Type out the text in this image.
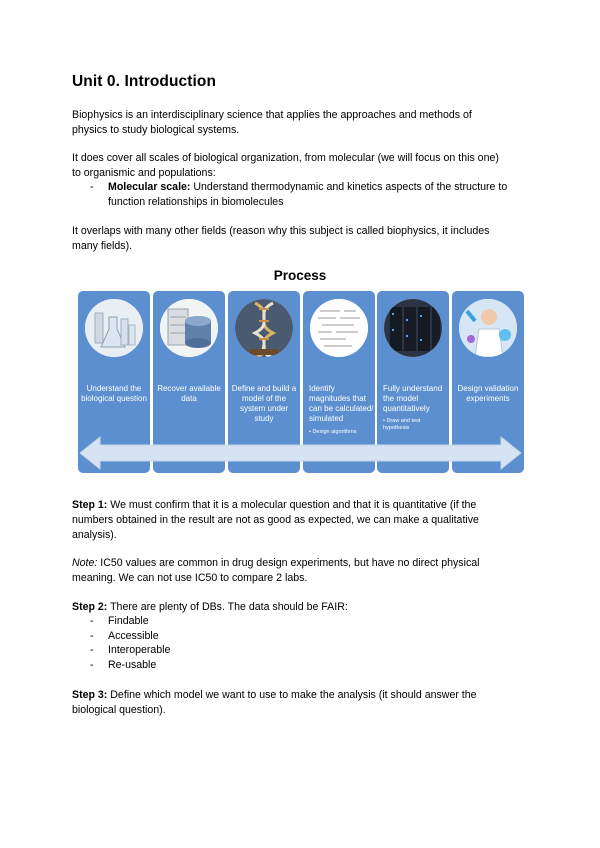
Unit 0. Introduction
Biophysics is an interdisciplinary science that applies the approaches and methods of
physics to study biological systems.
It does cover all scales of biological organization, from molecular (we will focus on this one)
to organismic and populations:
- Molecular scale: Understand thermodynamic and kinetics aspects of the structure to
function relationships in biomolecules
It overlaps with many other fields (reason why this subject is called biophysics, it includes
many fields).
Process
Understand the biological question
Recover available data
Define and build a model of the system under study
Identify magnitudes that can be calculated/ simulated
• Design algorithms
Fully understand the model quantitatively
• Draw and test hypothesis
Design validation experiments
Step 1: We must confirm that it is a molecular question and that it is quantitative (if the
numbers obtained in the result are not as good as expected, we can make a qualitative
analysis).
Note: IC50 values are common in drug design experiments, but have no direct physical
meaning. We can not use IC50 to compare 2 labs.
Step 2: There are plenty of DBs. The data should be FAIR:
- Findable
- Accessible
- Interoperable
- Re-usable
Step 3: Define which model we want to use to make the analysis (it should answer the
biological question).
